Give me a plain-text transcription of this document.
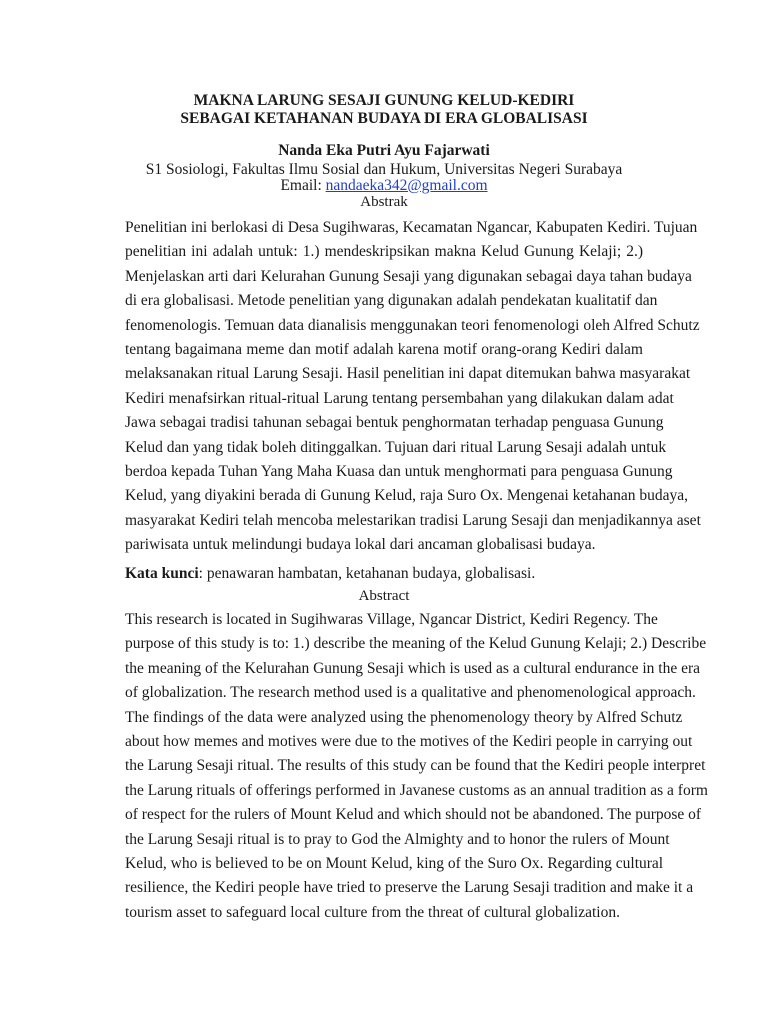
MAKNA LARUNG SESAJI GUNUNG KELUD-KEDIRI
SEBAGAI KETAHANAN BUDAYA DI ERA GLOBALISASI
Nanda Eka Putri Ayu Fajarwati
S1 Sosiologi, Fakultas Ilmu Sosial dan Hukum, Universitas Negeri Surabaya
Email: nandaeka342@gmail.com
Abstrak
Penelitian ini berlokasi di Desa Sugihwaras, Kecamatan Ngancar, Kabupaten Kediri. Tujuan
penelitian ini adalah untuk: 1.) mendeskripsikan makna Kelud Gunung Kelaji; 2.)
Menjelaskan arti dari Kelurahan Gunung Sesaji yang digunakan sebagai daya tahan budaya
di era globalisasi. Metode penelitian yang digunakan adalah pendekatan kualitatif dan
fenomenologis. Temuan data dianalisis menggunakan teori fenomenologi oleh Alfred Schutz
tentang bagaimana meme dan motif adalah karena motif orang-orang Kediri dalam
melaksanakan ritual Larung Sesaji. Hasil penelitian ini dapat ditemukan bahwa masyarakat
Kediri menafsirkan ritual-ritual Larung tentang persembahan yang dilakukan dalam adat
Jawa sebagai tradisi tahunan sebagai bentuk penghormatan terhadap penguasa Gunung
Kelud dan yang tidak boleh ditinggalkan. Tujuan dari ritual Larung Sesaji adalah untuk
berdoa kepada Tuhan Yang Maha Kuasa dan untuk menghormati para penguasa Gunung
Kelud, yang diyakini berada di Gunung Kelud, raja Suro Ox. Mengenai ketahanan budaya,
masyarakat Kediri telah mencoba melestarikan tradisi Larung Sesaji dan menjadikannya aset
pariwisata untuk melindungi budaya lokal dari ancaman globalisasi budaya.
Kata kunci: penawaran hambatan, ketahanan budaya, globalisasi.
Abstract
This research is located in Sugihwaras Village, Ngancar District, Kediri Regency. The
purpose of this study is to: 1.) describe the meaning of the Kelud Gunung Kelaji; 2.) Describe
the meaning of the Kelurahan Gunung Sesaji which is used as a cultural endurance in the era
of globalization. The research method used is a qualitative and phenomenological approach.
The findings of the data were analyzed using the phenomenology theory by Alfred Schutz
about how memes and motives were due to the motives of the Kediri people in carrying out
the Larung Sesaji ritual. The results of this study can be found that the Kediri people interpret
the Larung rituals of offerings performed in Javanese customs as an annual tradition as a form
of respect for the rulers of Mount Kelud and which should not be abandoned. The purpose of
the Larung Sesaji ritual is to pray to God the Almighty and to honor the rulers of Mount
Kelud, who is believed to be on Mount Kelud, king of the Suro Ox. Regarding cultural
resilience, the Kediri people have tried to preserve the Larung Sesaji tradition and make it a
tourism asset to safeguard local culture from the threat of cultural globalization.
